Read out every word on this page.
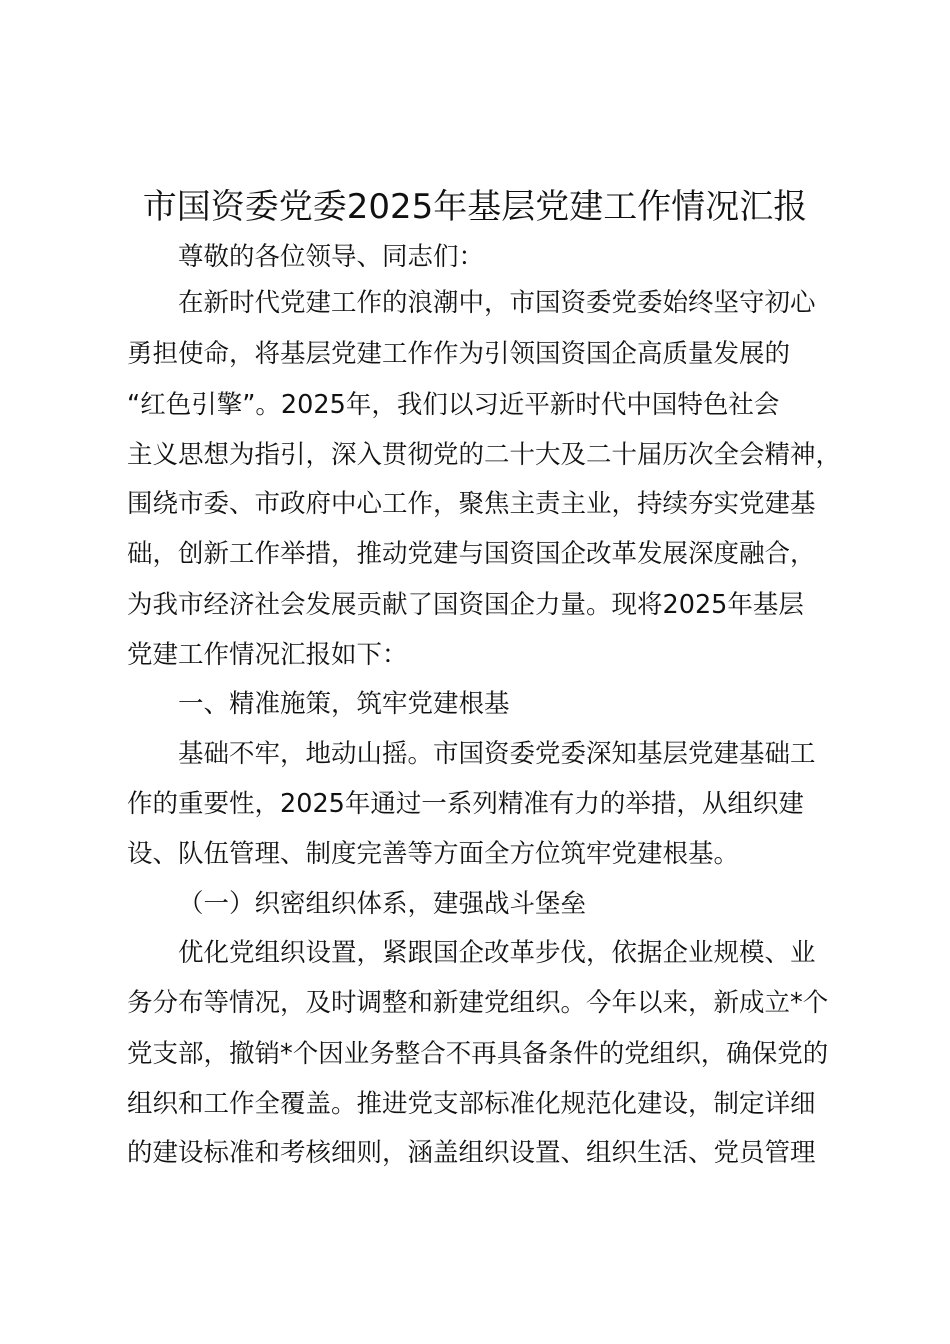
市国资委党委2025年基层党建工作情况汇报
尊敬的各位领导、同志们：
在新时代党建工作的浪潮中，市国资委党委始终坚守初心
勇担使命，将基层党建工作作为引领国资国企高质量发展的
“红色引擎”。2025年，我们以习近平新时代中国特色社会
主义思想为指引，深入贯彻党的二十大及二十届历次全会精神，
围绕市委、市政府中心工作，聚焦主责主业，持续夯实党建基
础，创新工作举措，推动党建与国资国企改革发展深度融合，
为我市经济社会发展贡献了国资国企力量。现将2025年基层
党建工作情况汇报如下：
一、精准施策，筑牢党建根基
基础不牢，地动山摇。市国资委党委深知基层党建基础工
作的重要性，2025年通过一系列精准有力的举措，从组织建
设、队伍管理、制度完善等方面全方位筑牢党建根基。
（一）织密组织体系，建强战斗堡垒
优化党组织设置，紧跟国企改革步伐，依据企业规模、业
务分布等情况，及时调整和新建党组织。今年以来，新成立*个
党支部，撤销*个因业务整合不再具备条件的党组织，确保党的
组织和工作全覆盖。推进党支部标准化规范化建设，制定详细
的建设标准和考核细则，涵盖组织设置、组织生活、党员管理
